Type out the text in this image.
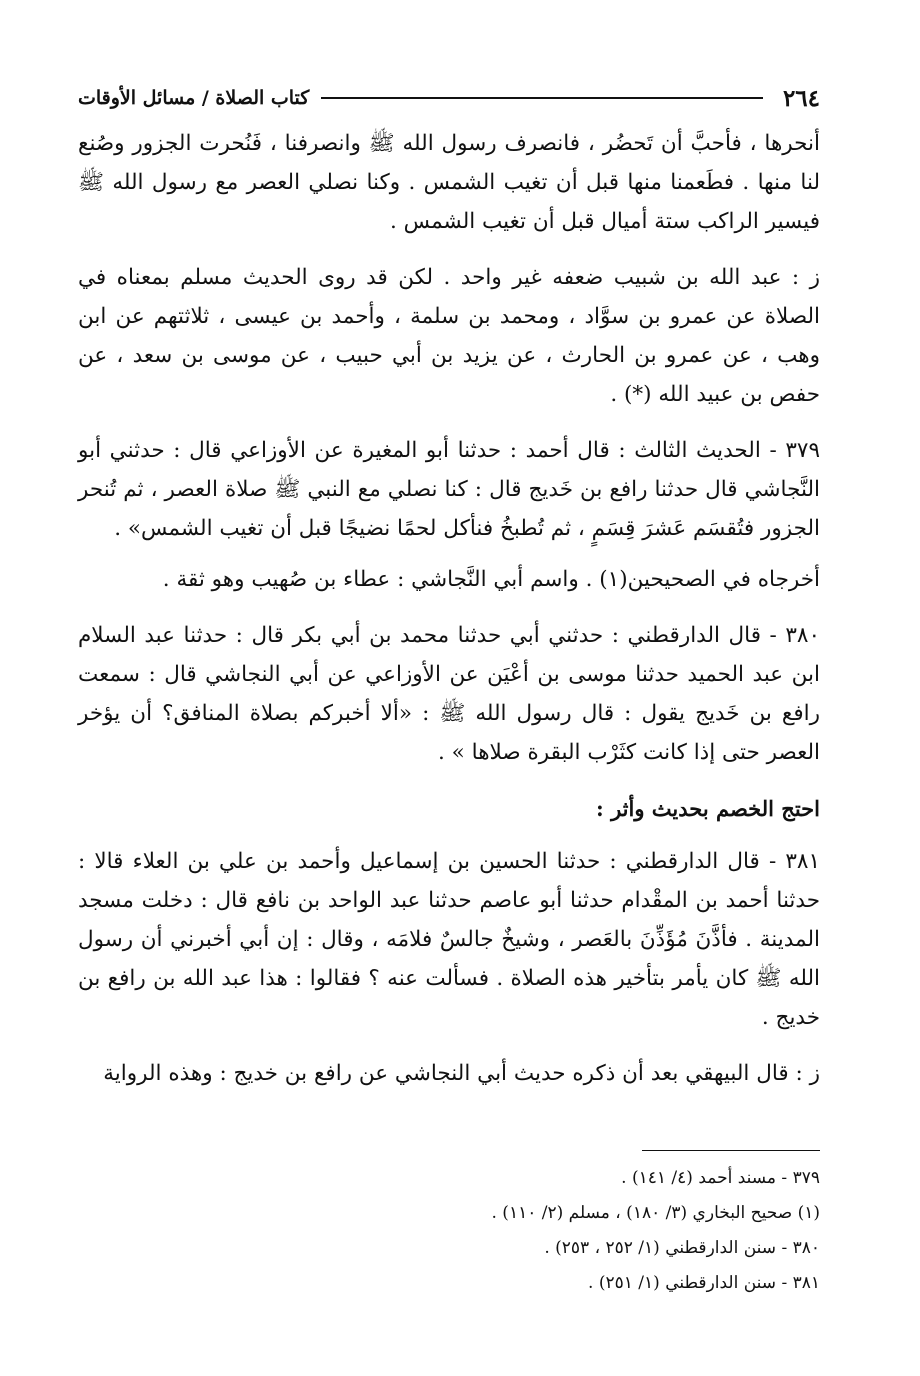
٢٦٤
كتاب الصلاة / مسائل الأوقات

أنحرها ، فأحبَّ أن تَحضُر ، فانصرف رسول الله ﷺ وانصرفنا ، فَنُحرت الجزور وصُنع لنا منها . فطَعمنا منها قبل أن تغيب الشمس . وكنا نصلي العصر مع رسول الله ﷺ فيسير الراكب ستة أميال قبل أن تغيب الشمس .

ز : عبد الله بن شبيب ضعفه غير واحد . لكن قد روى الحديث مسلم بمعناه في الصلاة عن عمرو بن سوَّاد ، ومحمد بن سلمة ، وأحمد بن عيسى ، ثلاثتهم عن ابن وهب ، عن عمرو بن الحارث ، عن يزيد بن أبي حبيب ، عن موسى بن سعد ، عن حفص بن عبيد الله (*) .

٣٧٩ - الحديث الثالث : قال أحمد : حدثنا أبو المغيرة عن الأوزاعي قال : حدثني أبو النَّجاشي قال حدثنا رافع بن خَديج قال : كنا نصلي مع النبي ﷺ صلاة العصر ، ثم تُنحر الجزور فتُقسَم عَشرَ قِسَمٍ ، ثم تُطبخُ فنأكل لحمًا نضيجًا قبل أن تغيب الشمس» .

أخرجاه في الصحيحين(١) . واسم أبي النَّجاشي : عطاء بن صُهيب وهو ثقة .

٣٨٠ - قال الدارقطني : حدثني أبي حدثنا محمد بن أبي بكر قال : حدثنا عبد السلام ابن عبد الحميد حدثنا موسى بن أعْيَن عن الأوزاعي عن أبي النجاشي قال : سمعت رافع بن خَديج يقول : قال رسول الله ﷺ : «ألا أخبركم بصلاة المنافق؟ أن يؤخر العصر حتى إذا كانت كثَرْب البقرة صلاها » .

احتج الخصم بحديث وأثر :

٣٨١ - قال الدارقطني : حدثنا الحسين بن إسماعيل وأحمد بن علي بن العلاء قالا : حدثنا أحمد بن المقْدام حدثنا أبو عاصم حدثنا عبد الواحد بن نافع قال : دخلت مسجد المدينة . فأذَّنَ مُؤَذِّنَ بالعَصر ، وشيخٌ جالسٌ فلامَه ، وقال : إن أبي أخبرني أن رسول الله ﷺ كان يأمر بتأخير هذه الصلاة . فسألت عنه ؟ فقالوا : هذا عبد الله بن رافع بن خديج .

ز : قال البيهقي بعد أن ذكره حديث أبي النجاشي عن رافع بن خديج : وهذه الرواية

٣٧٩ - مسند أحمد (٤/ ١٤١) .

(١) صحيح البخاري (٣/ ١٨٠) ، مسلم (٢/ ١١٠) .

٣٨٠ - سنن الدارقطني (١/ ٢٥٢ ، ٢٥٣) .

٣٨١ - سنن الدارقطني (١/ ٢٥١) .
